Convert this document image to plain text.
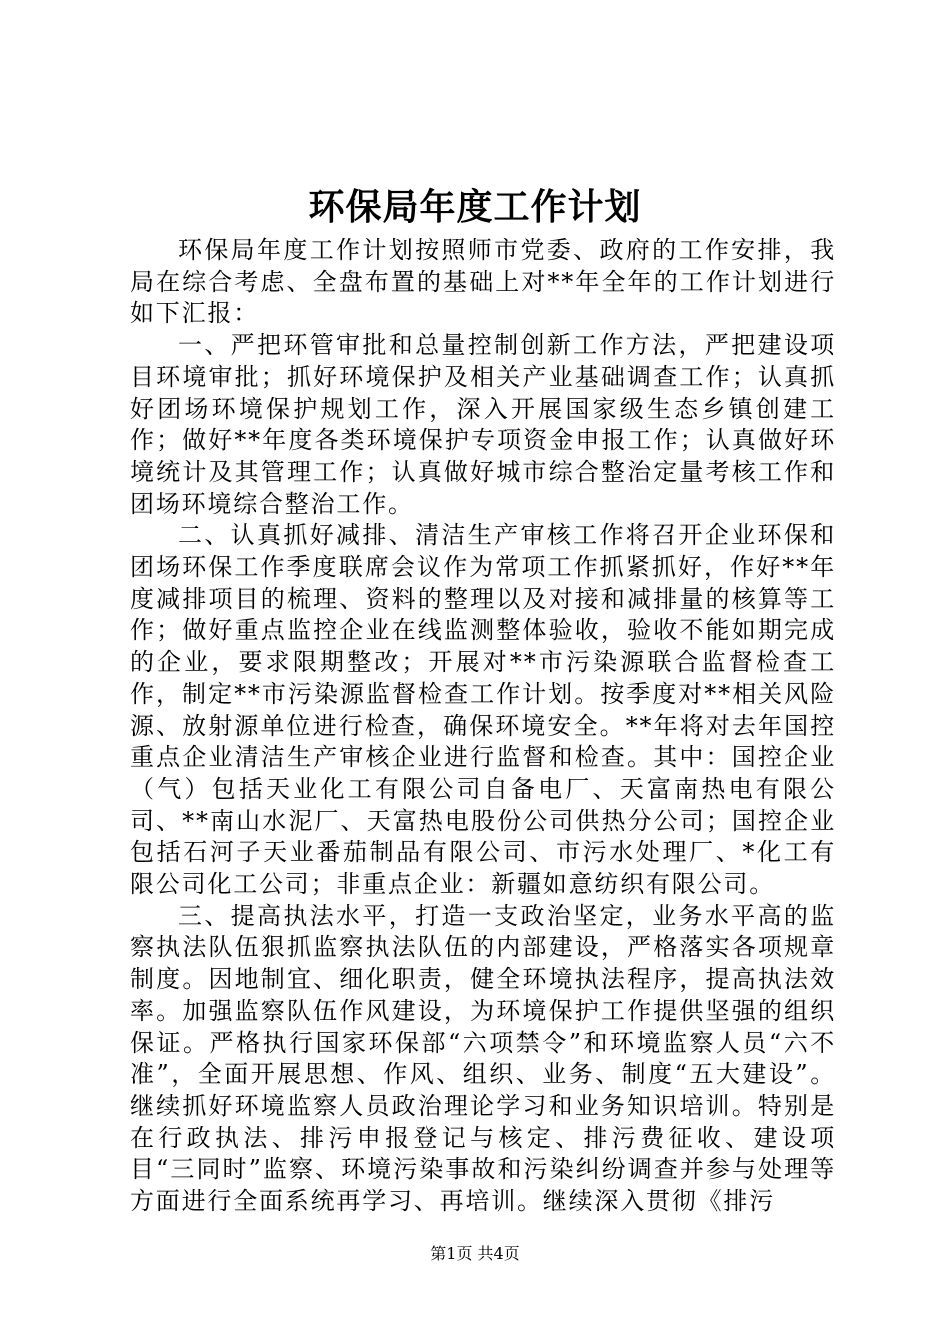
环保局年度工作计划

环保局年度工作计划按照师市党委、政府的工作安排，我局在综合考虑、全盘布置的基础上对**年全年的工作计划进行如下汇报：

一、严把环管审批和总量控制创新工作方法，严把建设项目环境审批；抓好环境保护及相关产业基础调查工作；认真抓好团场环境保护规划工作，深入开展国家级生态乡镇创建工作；做好**年度各类环境保护专项资金申报工作；认真做好环境统计及其管理工作；认真做好城市综合整治定量考核工作和团场环境综合整治工作。

二、认真抓好减排、清洁生产审核工作将召开企业环保和团场环保工作季度联席会议作为常项工作抓紧抓好，作好**年度减排项目的梳理、资料的整理以及对接和减排量的核算等工作；做好重点监控企业在线监测整体验收，验收不能如期完成的企业，要求限期整改；开展对**市污染源联合监督检查工作，制定**市污染源监督检查工作计划。按季度对**相关风险源、放射源单位进行检查，确保环境安全。**年将对去年国控重点企业清洁生产审核企业进行监督和检查。其中：国控企业（气）包括天业化工有限公司自备电厂、天富南热电有限公司、**南山水泥厂、天富热电股份公司供热分公司；国控企业包括石河子天业番茄制品有限公司、市污水处理厂、*化工有限公司化工公司；非重点企业：新疆如意纺织有限公司。

三、提高执法水平，打造一支政治坚定，业务水平高的监察执法队伍狠抓监察执法队伍的内部建设，严格落实各项规章制度。因地制宜、细化职责，健全环境执法程序，提高执法效率。加强监察队伍作风建设，为环境保护工作提供坚强的组织保证。严格执行国家环保部“六项禁令”和环境监察人员“六不准”，全面开展思想、作风、组织、业务、制度“五大建设”。继续抓好环境监察人员政治理论学习和业务知识培训。特别是在行政执法、排污申报登记与核定、排污费征收、建设项目“三同时”监察、环境污染事故和污染纠纷调查并参与处理等方面进行全面系统再学习、再培训。继续深入贯彻《排污

第1页 共4页
